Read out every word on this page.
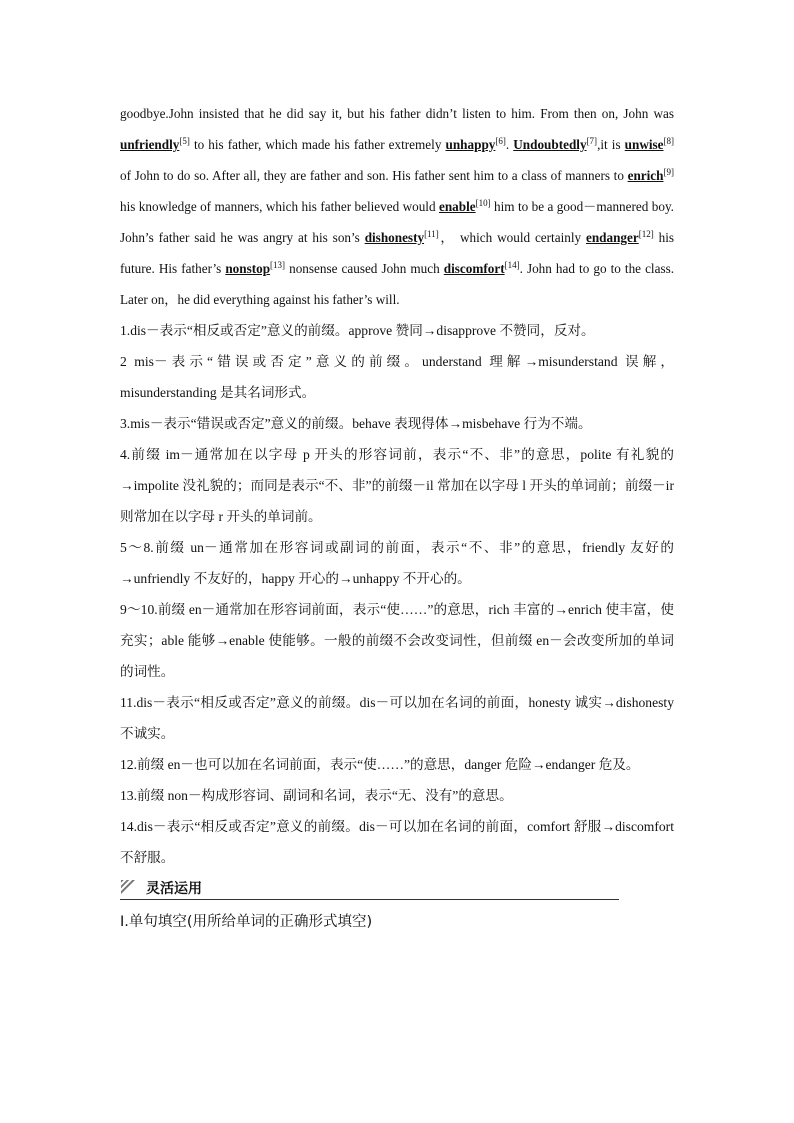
goodbye.John insisted that he did say it, but his father didn’t listen to him. From then on, John was unfriendly[5] to his father, which made his father extremely unhappy[6]. Undoubtedly[7],it is unwise[8] of John to do so. After all, they are father and son. His father sent him to a class of manners to enrich[9] his knowledge of manners, which his father believed would enable[10] him to be a good－mannered boy. John’s father said he was angry at his son’s dishonesty[11]， which would certainly endanger[12] his future. His father’s nonstop[13] nonsense caused John much discomfort[14]. John had to go to the class. Later on，he did everything against his father’s will.

1.dis－表示“相反或否定”意义的前缀。approve 赞同→disapprove 不赞同，反对。

2 mis－表示“错误或否定”意义的前缀。understand 理解→misunderstand 误解，misunderstanding 是其名词形式。

3.mis－表示“错误或否定”意义的前缀。behave 表现得体→misbehave 行为不端。

4.前缀 im－通常加在以字母 p 开头的形容词前，表示“不、非”的意思，polite 有礼貌的→impolite 没礼貌的；而同是表示“不、非”的前缀－il 常加在以字母 l 开头的单词前；前缀－ir 则常加在以字母 r 开头的单词前。

5～8.前缀 un－通常加在形容词或副词的前面，表示“不、非”的意思，friendly 友好的→unfriendly 不友好的，happy 开心的→unhappy 不开心的。

9～10.前缀 en－通常加在形容词前面，表示“使……”的意思，rich 丰富的→enrich 使丰富，使充实；able 能够→enable 使能够。一般的前缀不会改变词性，但前缀 en－会改变所加的单词的词性。

11.dis－表示“相反或否定”意义的前缀。dis－可以加在名词的前面，honesty 诚实→dishonesty 不诚实。

12.前缀 en－也可以加在名词前面，表示“使……”的意思，danger 危险→endanger 危及。

13.前缀 non－构成形容词、副词和名词，表示“无、没有”的意思。

14.dis－表示“相反或否定”意义的前缀。dis－可以加在名词的前面，comfort 舒服→discomfort 不舒服。

灵活运用
Ⅰ.单句填空(用所给单词的正确形式填空)
